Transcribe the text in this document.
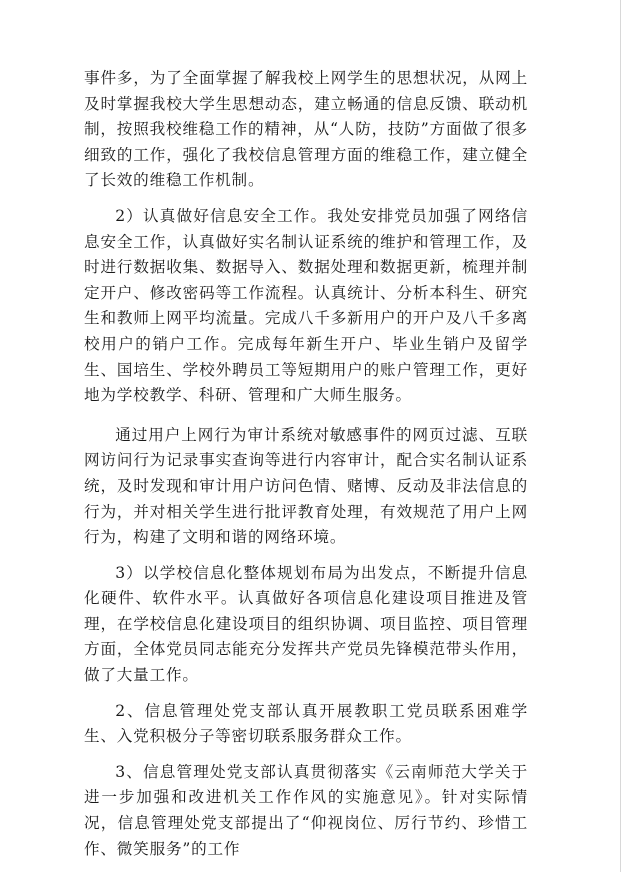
事件多，为了全面掌握了解我校上网学生的思想状况，从网上及时掌握我校大学生思想动态，建立畅通的信息反馈、联动机制，按照我校维稳工作的精神，从“人防，技防”方面做了很多细致的工作，强化了我校信息管理方面的维稳工作，建立健全了长效的维稳工作机制。

2）认真做好信息安全工作。我处安排党员加强了网络信息安全工作，认真做好实名制认证系统的维护和管理工作，及时进行数据收集、数据导入、数据处理和数据更新，梳理并制定开户、修改密码等工作流程。认真统计、分析本科生、研究生和教师上网平均流量。完成八千多新用户的开户及八千多离校用户的销户工作。完成每年新生开户、毕业生销户及留学生、国培生、学校外聘员工等短期用户的账户管理工作，更好地为学校教学、科研、管理和广大师生服务。

通过用户上网行为审计系统对敏感事件的网页过滤、互联网访问行为记录事实查询等进行内容审计，配合实名制认证系统，及时发现和审计用户访问色情、赌博、反动及非法信息的行为，并对相关学生进行批评教育处理，有效规范了用户上网行为，构建了文明和谐的网络环境。

3）以学校信息化整体规划布局为出发点，不断提升信息化硬件、软件水平。认真做好各项信息化建设项目推进及管理，在学校信息化建设项目的组织协调、项目监控、项目管理方面，全体党员同志能充分发挥共产党员先锋模范带头作用，做了大量工作。

2、信息管理处党支部认真开展教职工党员联系困难学生、入党积极分子等密切联系服务群众工作。

3、信息管理处党支部认真贯彻落实《云南师范大学关于进一步加强和改进机关工作作风的实施意见》。针对实际情况，信息管理处党支部提出了“仰视岗位、厉行节约、珍惜工作、微笑服务”的工作
